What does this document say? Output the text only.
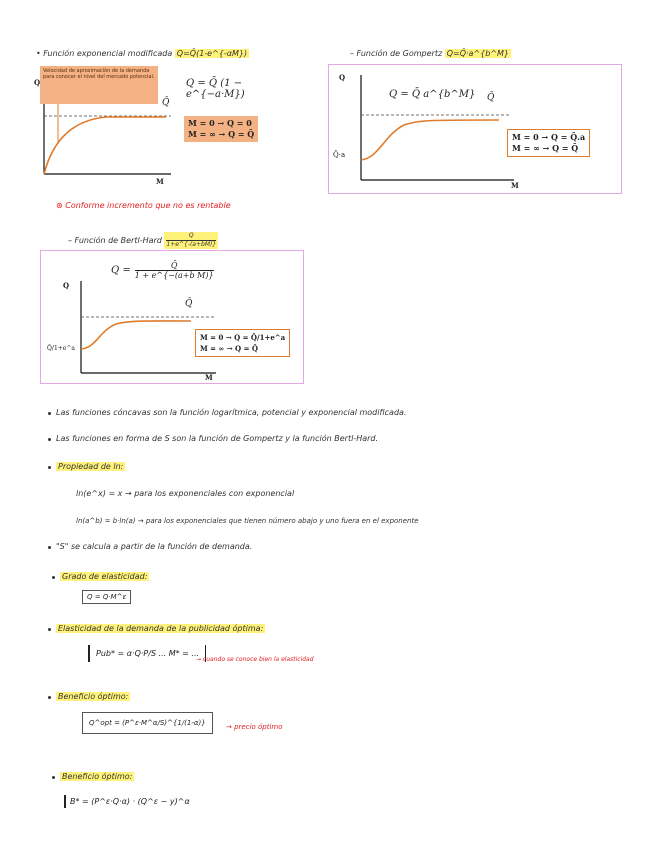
• Función exponencial modificada Q=Q̄(1-e^{-αM})
Velocidad de aproximación de la demanda para conocer el nivel del mercado potencial.
Q
M
Q̄
Q = Q̄ (1 − e^{−a·M})
M = 0 → Q = 0
M = ∞ → Q = Q̄
– Función de Gompertz Q=Q̄·a^{b^M}
Q
M
Q̄
Q̄·a
Q = Q̄ a^{b^M}
M = 0 → Q = Q̄.a
M = ∞ → Q = Q̄
⊛ Conforme incremento que no es rentable
– Función de Bertl-Hard $\frac{Q}{1+e\^{}\{-(a+bM)\}}$
Q
M
Q̄
Q̄/1+e^a
$Q = \frac{Q̄}{\text{1 + e\textasciicircum{}\{−(a+b M)\}}}$
M = 0 → Q = Q̄/1+e^a
M = ∞ → Q = Q̄
Las funciones cóncavas son la función logarítmica, potencial y exponencial modificada.
Las funciones en forma de S son la función de Gompertz y la función Bertl-Hard.
Propiedad de ln:
ln(e^x) = x → para los exponenciales con exponencial
ln(a^b) = b·ln(a) → para los exponenciales que tienen número abajo y uno fuera en el exponente
"S" se calcula a partir de la función de demanda.
Grado de elasticidad:
Q = Q·M^ε
Elasticidad de la demanda de la publicidad óptima:
Pub* = α·Q·P/S ... M* = ...
→ cuando se conoce bien la elasticidad
Beneficio óptimo:
Q^opt = (P^ε·M^α/S)^{1/(1-α)}	→ precio óptimo
Beneficio óptimo:
B* = (P^ε·Q·α) · (Q^ε − y)^α
